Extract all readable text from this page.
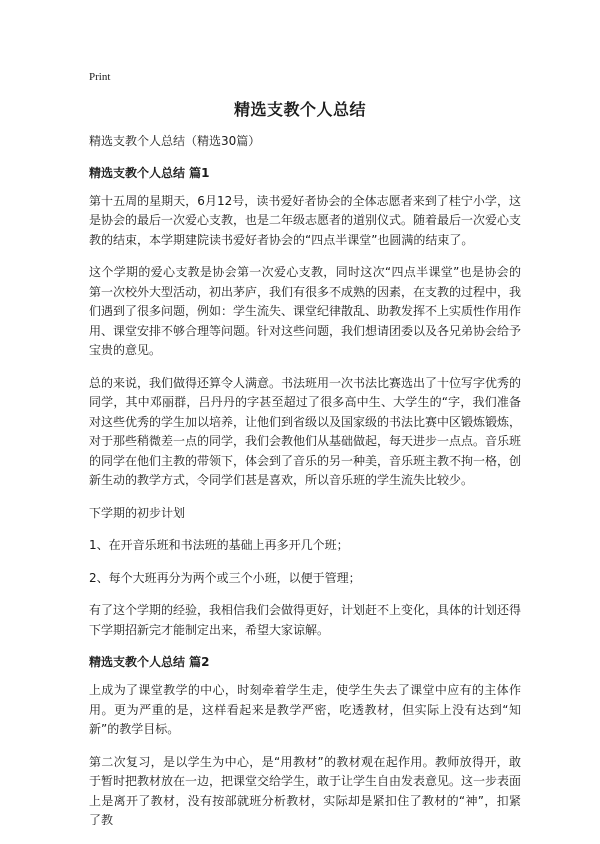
Print
精选支教个人总结

精选支教个人总结（精选30篇）

精选支教个人总结 篇1

第十五周的星期天，6月12号，读书爱好者协会的全体志愿者来到了桂宁小学，这是协会的最后一次爱心支教，也是二年级志愿者的道别仪式。随着最后一次爱心支教的结束，本学期建院读书爱好者协会的“四点半课堂”也圆满的结束了。

这个学期的爱心支教是协会第一次爱心支教，同时这次“四点半课堂”也是协会的第一次校外大型活动，初出茅庐，我们有很多不成熟的因素，在支教的过程中，我们遇到了很多问题，例如：学生流失、课堂纪律散乱、助教发挥不上实质性作用作用、课堂安排不够合理等问题。针对这些问题，我们想请团委以及各兄弟协会给予宝贵的意见。

总的来说，我们做得还算令人满意。书法班用一次书法比赛选出了十位写字优秀的同学，其中邓丽群，吕丹丹的字甚至超过了很多高中生、大学生的“字，我们准备对这些优秀的学生加以培养，让他们到省级以及国家级的书法比赛中区锻炼锻炼，对于那些稍微差一点的同学，我们会教他们从基础做起，每天进步一点点。音乐班的同学在他们主教的带领下，体会到了音乐的另一种美，音乐班主教不拘一格，创新生动的教学方式，令同学们甚是喜欢，所以音乐班的学生流失比较少。

下学期的初步计划

1、在开音乐班和书法班的基础上再多开几个班；

2、每个大班再分为两个或三个小班，以便于管理；

有了这个学期的经验，我相信我们会做得更好，计划赶不上变化，具体的计划还得下学期招新完才能制定出来，希望大家谅解。

精选支教个人总结 篇2

上成为了课堂教学的中心，时刻牵着学生走，使学生失去了课堂中应有的主体作用。更为严重的是，这样看起来是教学严密，吃透教材，但实际上没有达到“知新”的教学目标。

第二次复习，是以学生为中心，是“用教材”的教材观在起作用。教师放得开，敢于暂时把教材放在一边，把课堂交给学生，敢于让学生自由发表意见。这一步表面上是离开了教材，没有按部就班分析教材，实际却是紧扣住了教材的“神”，扣紧了教
